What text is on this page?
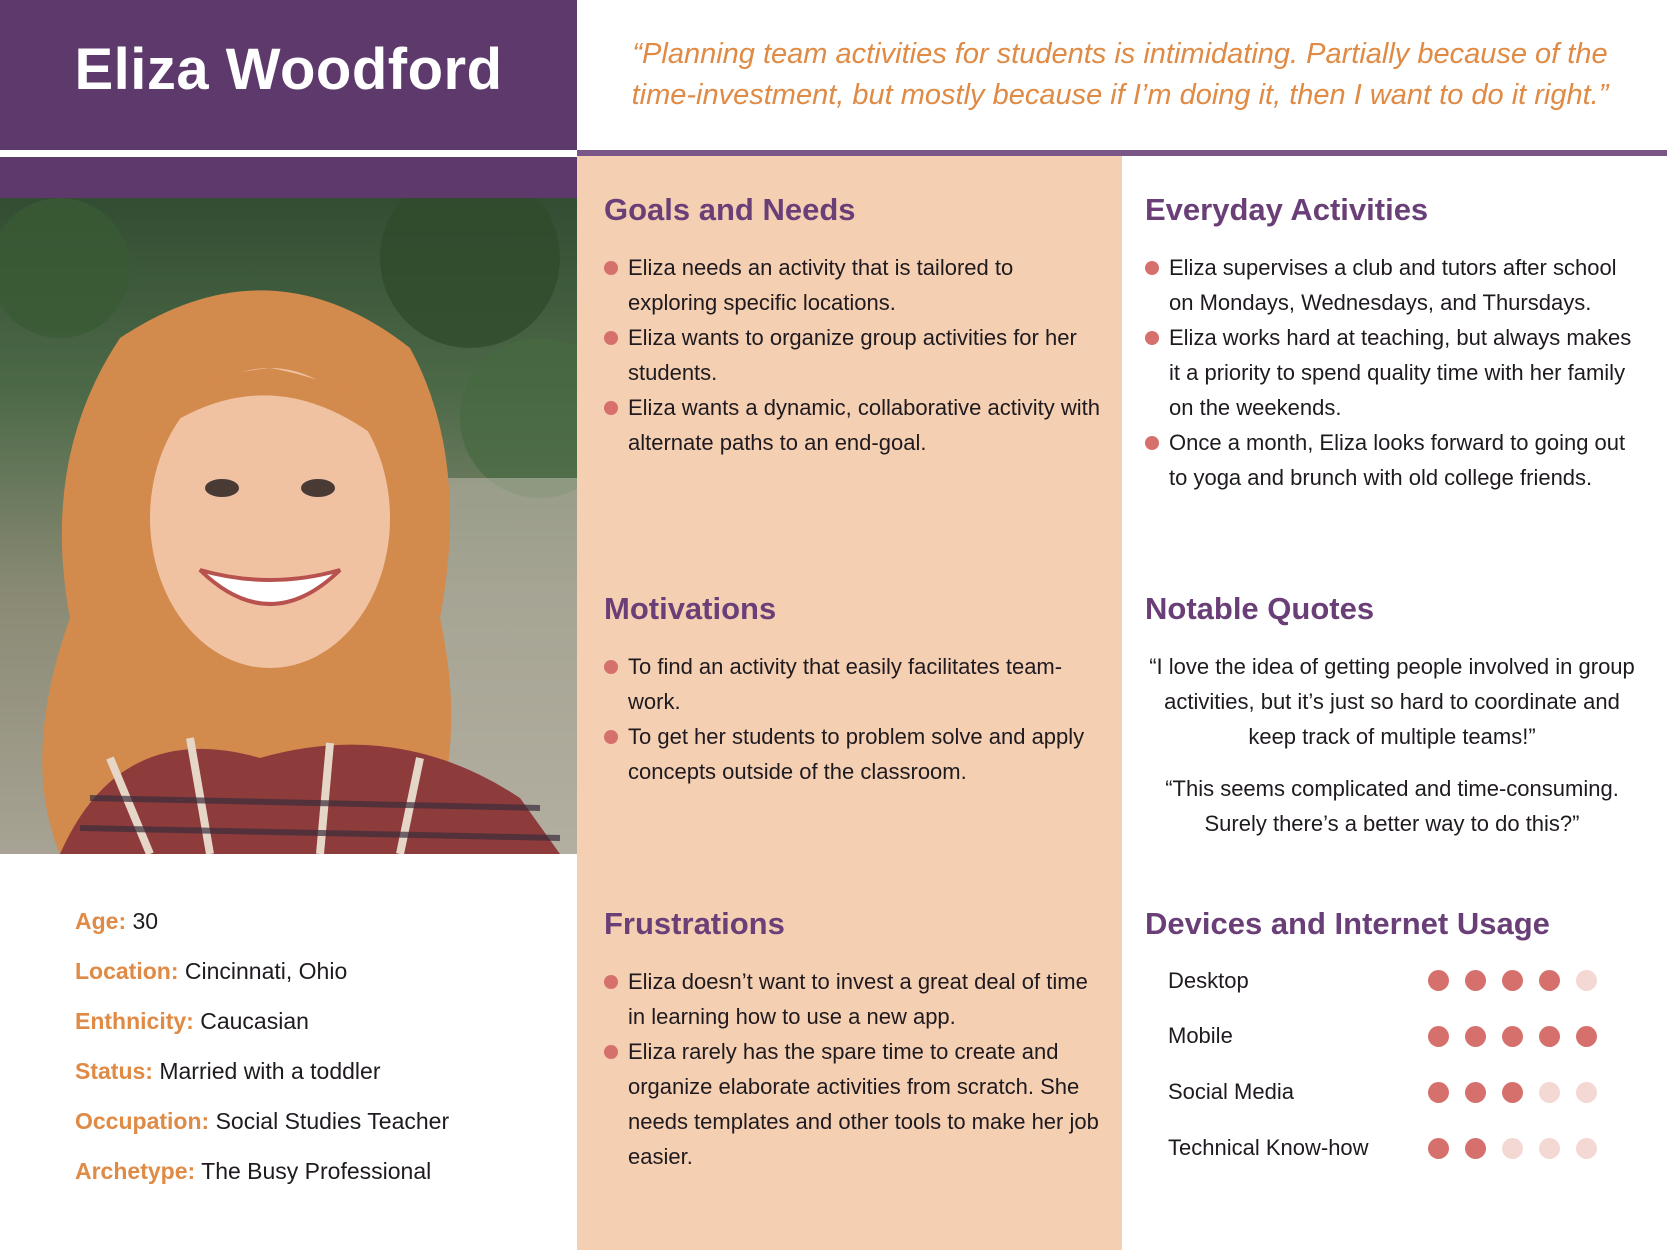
Eliza Woodford	“Planning team activities for students is intimidating. Partially because of the time-investment, but mostly because if I’m doing it, then I want to do it right.”
Age: 30
Location: Cincinnati, Ohio
Enthnicity: Caucasian
Status: Married with a toddler
Occupation: Social Studies Teacher
Archetype: The Busy Professional
Goals and Needs
Eliza needs an activity that is tailored to exploring specific locations.
Eliza wants to organize group activities for her students.
Eliza wants a dynamic, collaborative activity with alternate paths to an end-goal.
Motivations
To find an activity that easily facilitates team-work.
To get her students to problem solve and apply concepts outside of the classroom.
Frustrations
Eliza doesn’t want to invest a great deal of time in learning how to use a new app.
Eliza rarely has the spare time to create and organize elaborate activities from scratch. She needs templates and other tools to make her job easier.
Everyday Activities
Eliza supervises a club and tutors after school on Mondays, Wednesdays, and Thursdays.
Eliza works hard at teaching, but always makes it a priority to spend quality time with her family on the weekends.
Once a month, Eliza looks forward to going out to yoga and brunch with old college friends.
Notable Quotes
“I love the idea of getting people involved in group activities, but it’s just so hard to coordinate and keep track of multiple teams!”
“This seems complicated and time-consuming. Surely there’s a better way to do this?”
Devices and Internet Usage
Desktop
Mobile
Social Media
Technical Know-how
